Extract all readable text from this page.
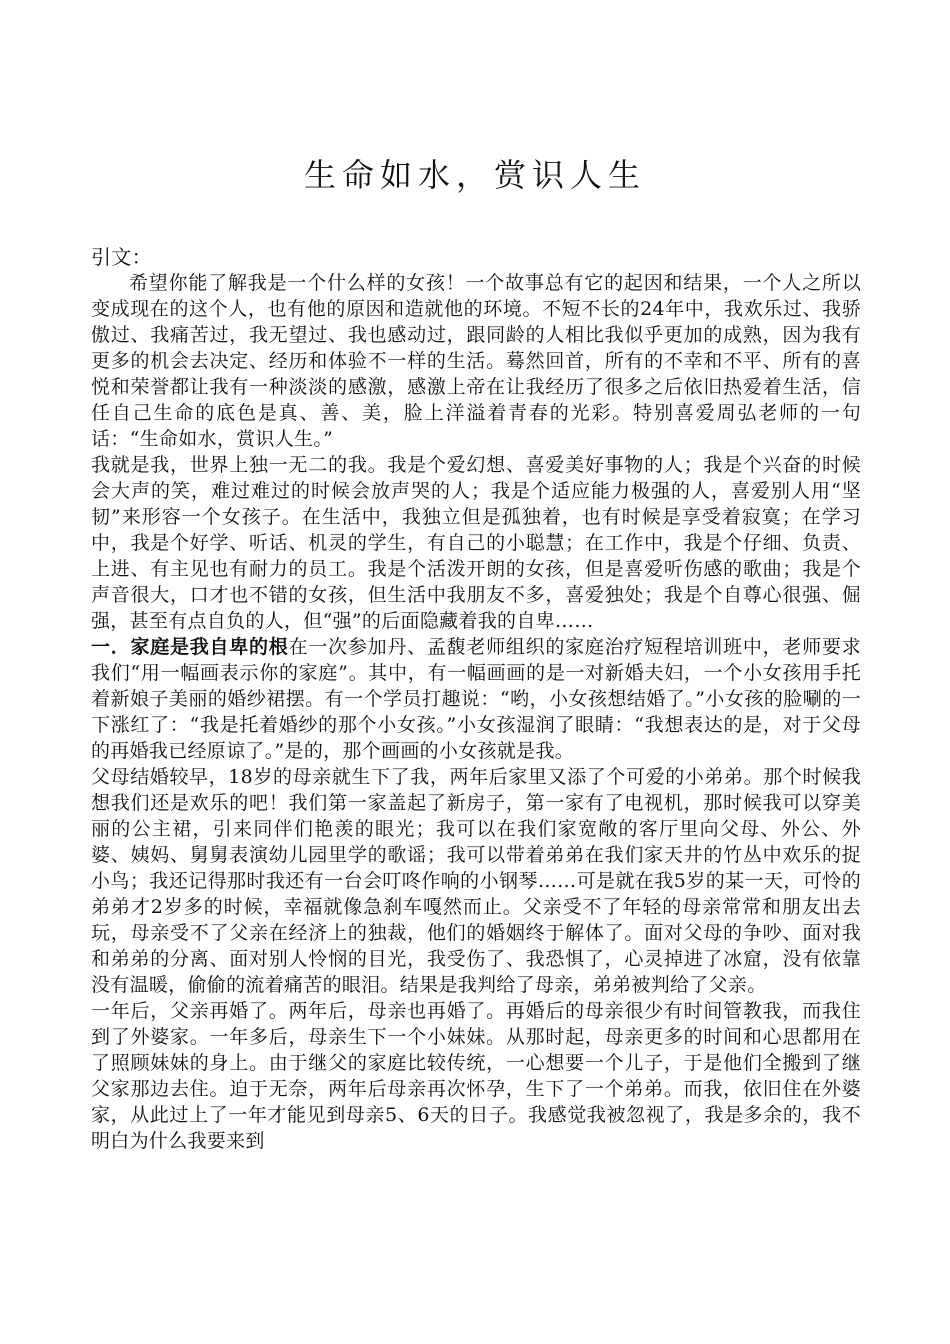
生命如水，赏识人生

引文：

希望你能了解我是一个什么样的女孩！一个故事总有它的起因和结果，一个人之所以变成现在的这个人，也有他的原因和造就他的环境。不短不长的24年中，我欢乐过、我骄傲过、我痛苦过，我无望过、我也感动过，跟同龄的人相比我似乎更加的成熟，因为我有更多的机会去决定、经历和体验不一样的生活。蓦然回首，所有的不幸和不平、所有的喜悦和荣誉都让我有一种淡淡的感激，感激上帝在让我经历了很多之后依旧热爱着生活，信任自己生命的底色是真、善、美，脸上洋溢着青春的光彩。特别喜爱周弘老师的一句话：“生命如水，赏识人生。”

我就是我，世界上独一无二的我。我是个爱幻想、喜爱美好事物的人；我是个兴奋的时候会大声的笑，难过难过的时候会放声哭的人；我是个适应能力极强的人，喜爱别人用“坚韧”来形容一个女孩子。在生活中，我独立但是孤独着，也有时候是享受着寂寞；在学习中，我是个好学、听话、机灵的学生，有自己的小聪慧；在工作中，我是个仔细、负责、上进、有主见也有耐力的员工。我是个活泼开朗的女孩，但是喜爱听伤感的歌曲；我是个声音很大，口才也不错的女孩，但生活中我朋友不多，喜爱独处；我是个自尊心很强、倔强，甚至有点自负的人，但“强”的后面隐藏着我的自卑……

一．家庭是我自卑的根在一次参加丹、孟馥老师组织的家庭治疗短程培训班中，老师要求我们“用一幅画表示你的家庭”。其中，有一幅画画的是一对新婚夫妇，一个小女孩用手托着新娘子美丽的婚纱裙摆。有一个学员打趣说：“哟，小女孩想结婚了。”小女孩的脸唰的一下涨红了：“我是托着婚纱的那个小女孩。”小女孩湿润了眼睛：“我想表达的是，对于父母的再婚我已经原谅了。”是的，那个画画的小女孩就是我。

父母结婚较早，18岁的母亲就生下了我，两年后家里又添了个可爱的小弟弟。那个时候我想我们还是欢乐的吧！我们第一家盖起了新房子，第一家有了电视机，那时候我可以穿美丽的公主裙，引来同伴们艳羡的眼光；我可以在我们家宽敞的客厅里向父母、外公、外婆、姨妈、舅舅表演幼儿园里学的歌谣；我可以带着弟弟在我们家天井的竹丛中欢乐的捉小鸟；我还记得那时我还有一台会叮咚作响的小钢琴……可是就在我5岁的某一天，可怜的弟弟才2岁多的时候，幸福就像急刹车嘎然而止。父亲受不了年轻的母亲常常和朋友出去玩，母亲受不了父亲在经济上的独裁，他们的婚姻终于解体了。面对父母的争吵、面对我和弟弟的分离、面对别人怜悯的目光，我受伤了、我恐惧了，心灵掉进了冰窟，没有依靠没有温暖，偷偷的流着痛苦的眼泪。结果是我判给了母亲，弟弟被判给了父亲。

一年后，父亲再婚了。两年后，母亲也再婚了。再婚后的母亲很少有时间管教我，而我住到了外婆家。一年多后，母亲生下一个小妹妹。从那时起，母亲更多的时间和心思都用在了照顾妹妹的身上。由于继父的家庭比较传统，一心想要一个儿子，于是他们全搬到了继父家那边去住。迫于无奈，两年后母亲再次怀孕，生下了一个弟弟。而我，依旧住在外婆家，从此过上了一年才能见到母亲5、6天的日子。我感觉我被忽视了，我是多余的，我不明白为什么我要来到
